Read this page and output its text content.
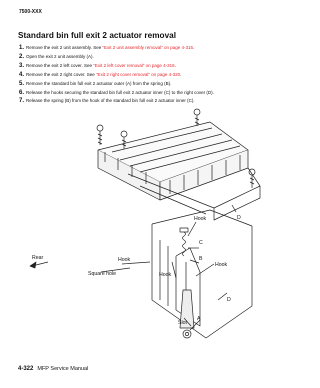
7500-XXX
Standard bin full exit 2 actuator removal
1. Remove the exit 2 unit assembly. See
“Exit 2 unit assembly removal” on page 4-315 .
2. Open the exit 2 unit assembly (A).
3. Remove the exit 2 left cover. See
“Exit 2 left cover removal” on page 4-316 .
4. Remove the exit 2 right cover. See
“Exit 2 right cover removal” on page 4-320 .
5. Remove the standard bin full exit 2 actuator outer (A) from the spring (B).
6. Release the hooks securing the standard bin full exit 2 actuator inner (C) to the right cover (D).
7. Release the spring (B) from the hook of the standard bin full exit 2 actuator inner (C).
D
Hook
C
B
Hook
Hook
Hook
Square hole
Rear
D
Slot
A
4-322 MFP Service Manual
